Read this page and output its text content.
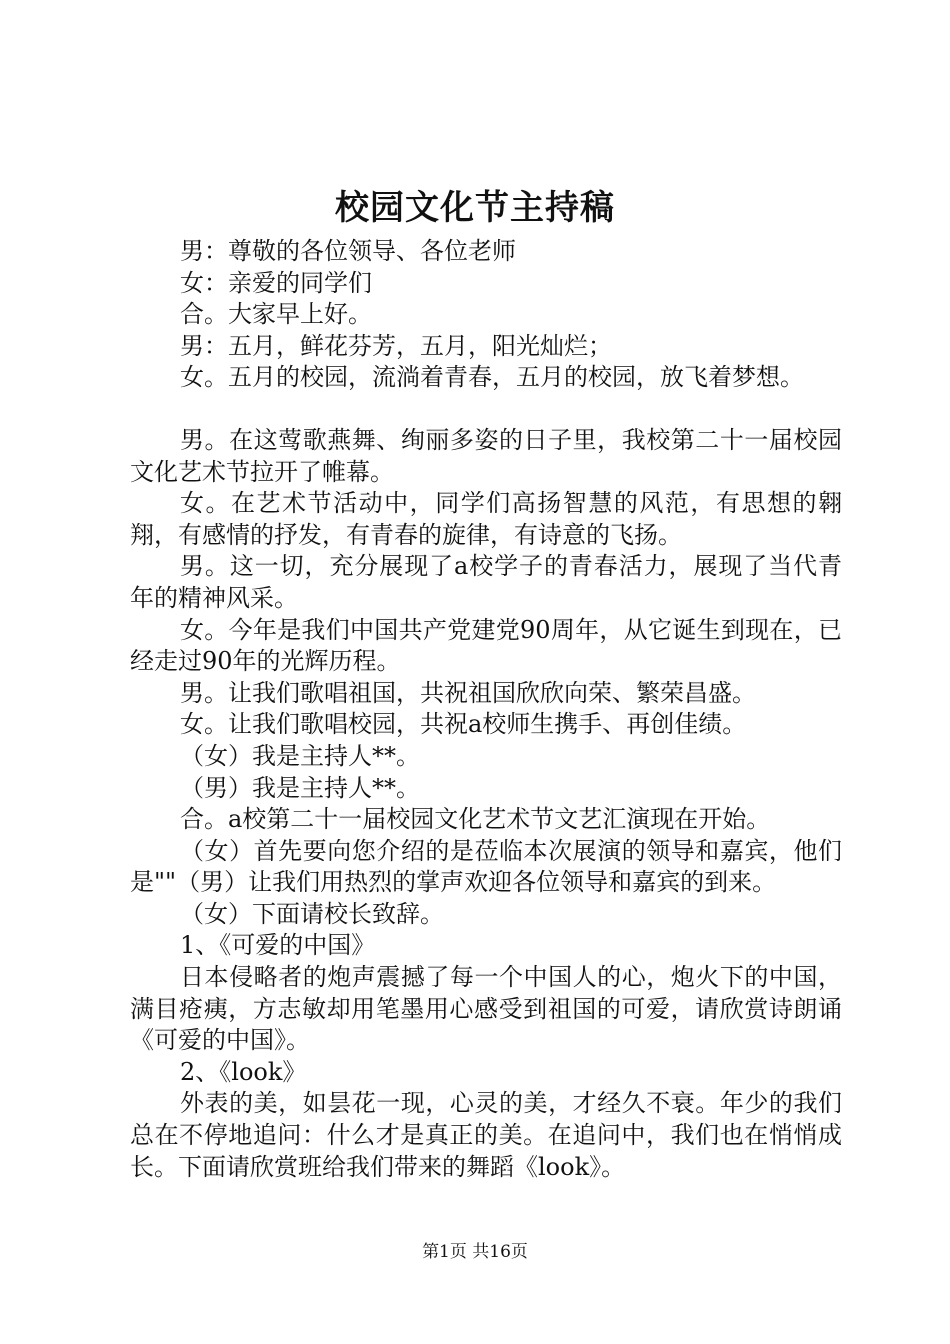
校园文化节主持稿

男：尊敬的各位领导、各位老师

女：亲爱的同学们

合。大家早上好。

男：五月，鲜花芬芳，五月，阳光灿烂；

女。五月的校园，流淌着青春，五月的校园，放飞着梦想。

男。在这莺歌燕舞、绚丽多姿的日子里，我校第二十一届校园文化艺术节拉开了帷幕。

女。在艺术节活动中，同学们高扬智慧的风范，有思想的翱翔，有感情的抒发，有青春的旋律，有诗意的飞扬。

男。这一切，充分展现了a校学子的青春活力，展现了当代青年的精神风采。

女。今年是我们中国共产党建党90周年，从它诞生到现在，已经走过90年的光辉历程。

男。让我们歌唱祖国，共祝祖国欣欣向荣、繁荣昌盛。

女。让我们歌唱校园，共祝a校师生携手、再创佳绩。

（女）我是主持人**。

（男）我是主持人**。

合。a校第二十一届校园文化艺术节文艺汇演现在开始。

（女）首先要向您介绍的是莅临本次展演的领导和嘉宾，他们是""（男）让我们用热烈的掌声欢迎各位领导和嘉宾的到来。

（女）下面请校长致辞。

1、《可爱的中国》

日本侵略者的炮声震撼了每一个中国人的心，炮火下的中国，满目疮痍，方志敏却用笔墨用心感受到祖国的可爱，请欣赏诗朗诵《可爱的中国》。

2、《look》

外表的美，如昙花一现，心灵的美，才经久不衰。年少的我们总在不停地追问：什么才是真正的美。在追问中，我们也在悄悄成长。下面请欣赏班给我们带来的舞蹈《look》。

第1页 共16页
